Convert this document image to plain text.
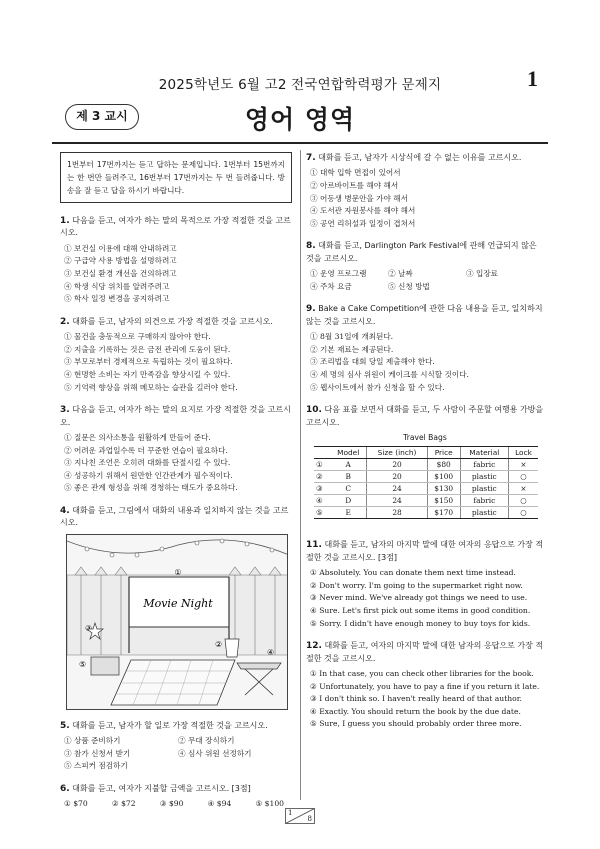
2025학년도 6월 고2 전국연합학력평가 문제지	1
제 3 교시	영어 영역
1번부터 17번까지는 듣고 답하는 문제입니다. 1번부터 15번까지는 한 번만 들려주고, 16번부터 17번까지는 두 번 들려줍니다. 방송을 잘 듣고 답을 하시기 바랍니다.
1. 다음을 듣고, 여자가 하는 말의 목적으로 가장 적절한 것을 고르시오.
① 보건실 이용에 대해 안내하려고
② 구급약 사용 방법을 설명하려고
③ 보건실 환경 개선을 건의하려고
④ 학생 식당 위치를 알려주려고
⑤ 학사 일정 변경을 공지하려고
2. 대화를 듣고, 남자의 의견으로 가장 적절한 것을 고르시오.
① 물건을 충동적으로 구매하지 않아야 한다.
② 지출을 기록하는 것은 금전 관리에 도움이 된다.
③ 부모로부터 경제적으로 독립하는 것이 필요하다.
④ 현명한 소비는 자기 만족감을 향상시킬 수 있다.
⑤ 기억력 향상을 위해 메모하는 습관을 길러야 한다.
3. 다음을 듣고, 여자가 하는 말의 요지로 가장 적절한 것을 고르시오.
① 질문은 의사소통을 원활하게 만들어 준다.
② 어려운 과업일수록 더 꾸준한 연습이 필요하다.
③ 지나친 조언은 오히려 대화를 단절시킬 수 있다.
④ 성공하기 위해서 원만한 인간관계가 필수적이다.
⑤ 좋은 관계 형성을 위해 경청하는 태도가 중요하다.
4. 대화를 듣고, 그림에서 대화의 내용과 일치하지 않는 것을 고르시오.
①
Movie Night
③
⑤
②
④
5. 대화를 듣고, 남자가 할 일로 가장 적절한 것을 고르시오.
① 상품 준비하기	② 무대 장식하기
③ 참가 신청서 받기	④ 심사 위원 선정하기
⑤ 스피커 점검하기
6. 대화를 듣고, 여자가 지불할 금액을 고르시오. [3점]
① $70	② $72	③ $90	④ $94	⑤ $100
7. 대화를 듣고, 남자가 시상식에 갈 수 없는 이유를 고르시오.
① 대학 입학 면접이 있어서
② 아르바이트를 해야 해서
③ 어동생 병문안을 가야 해서
④ 도서관 자원봉사를 해야 해서
⑤ 공연 리허설과 일정이 겹쳐서
8. 대화를 듣고, Darlington Park Festival에 관해 언급되지 않은 것을 고르시오.
① 운영 프로그램	② 날짜	③ 입장료
④ 주차 요금	⑤ 신청 방법
9. Bake a Cake Competition에 관한 다음 내용을 듣고, 일치하지 않는 것을 고르시오.
① 8월 31일에 개최된다.
② 기본 재료는 제공된다.
③ 조리법을 대회 당일 제출해야 한다.
④ 세 명의 심사 위원이 케이크를 시식할 것이다.
⑤ 웹사이트에서 참가 신청을 할 수 있다.
10. 다음 표를 보면서 대화를 듣고, 두 사람이 주문할 여행용 가방을 고르시오.
Travel Bags
	Model	Size (inch)	Price	Material	Lock
①	A	20	$80	fabric	×
②	B	20	$100	plastic	○
③	C	24	$130	plastic	×
④	D	24	$150	fabric	○
⑤	E	28	$170	plastic	○
11. 대화를 듣고, 남자의 마지막 말에 대한 여자의 응답으로 가장 적절한 것을 고르시오. [3점]
① Absolutely. You can donate them next time instead.
② Don't worry. I'm going to the supermarket right now.
③ Never mind. We've already got things we need to use.
④ Sure. Let's first pick out some items in good condition.
⑤ Sorry. I didn't have enough money to buy toys for kids.
12. 대화를 듣고, 여자의 마지막 말에 대한 남자의 응답으로 가장 적절한 것을 고르시오.
① In that case, you can check other libraries for the book.
② Unfortunately, you have to pay a fine if you return it late.
③ I don't think so. I haven't really heard of that author.
④ Exactly. You should return the book by the due date.
⑤ Sure, I guess you should probably order three more.
1
8
